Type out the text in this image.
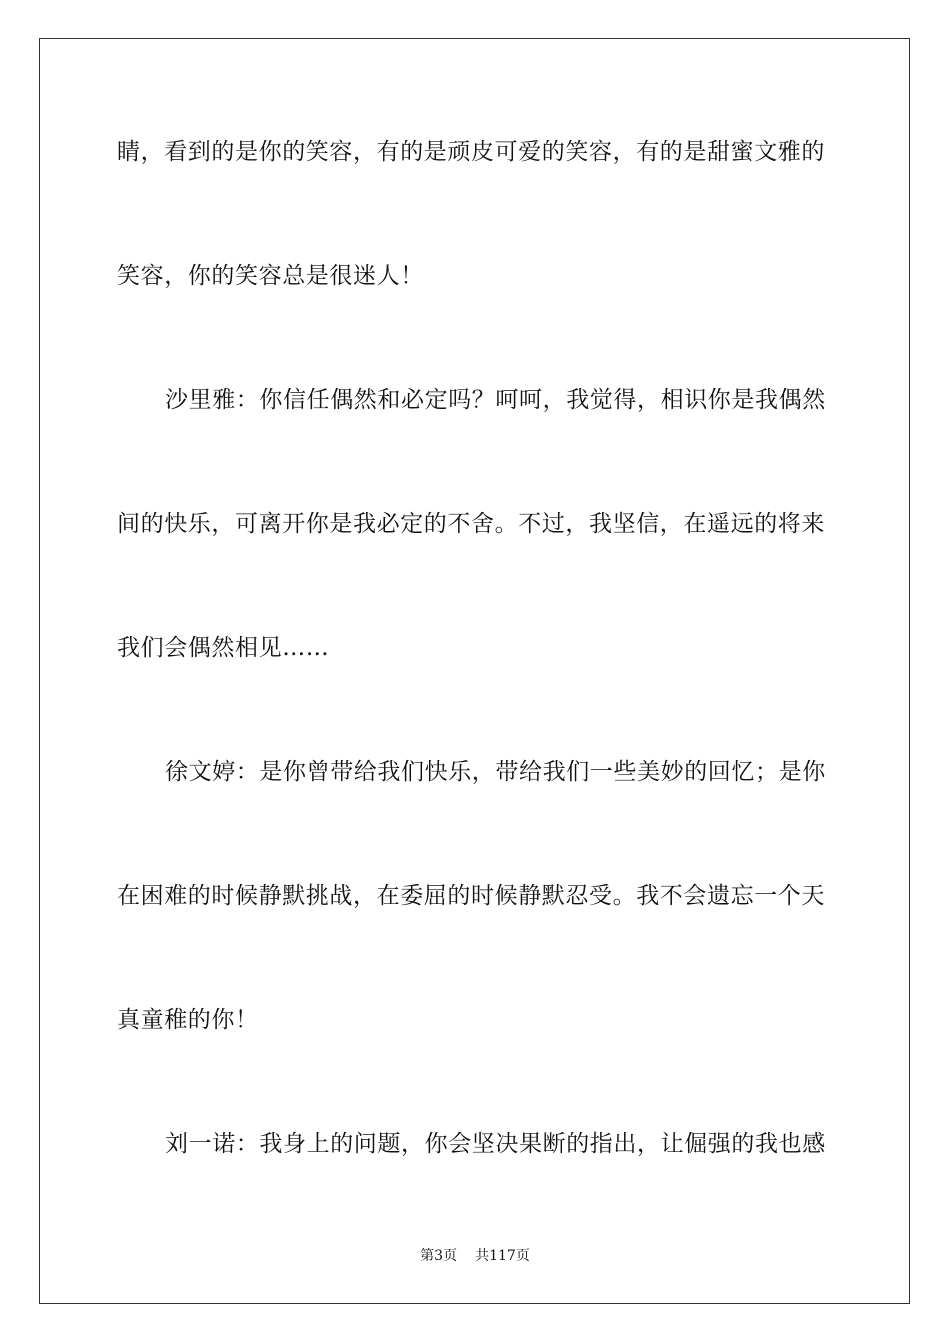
睛，看到的是你的笑容，有的是顽皮可爱的笑容，有的是甜蜜文雅的
笑容，你的笑容总是很迷人！
沙里雅：你信任偶然和必定吗？呵呵，我觉得，相识你是我偶然
间的快乐，可离开你是我必定的不舍。不过，我坚信，在遥远的将来
我们会偶然相见……
徐文婷：是你曾带给我们快乐，带给我们一些美妙的回忆；是你
在困难的时候静默挑战，在委屈的时候静默忍受。我不会遗忘一个天
真童稚的你！
刘一诺：我身上的问题，你会坚决果断的指出，让倔强的我也感
第3页 共117页
